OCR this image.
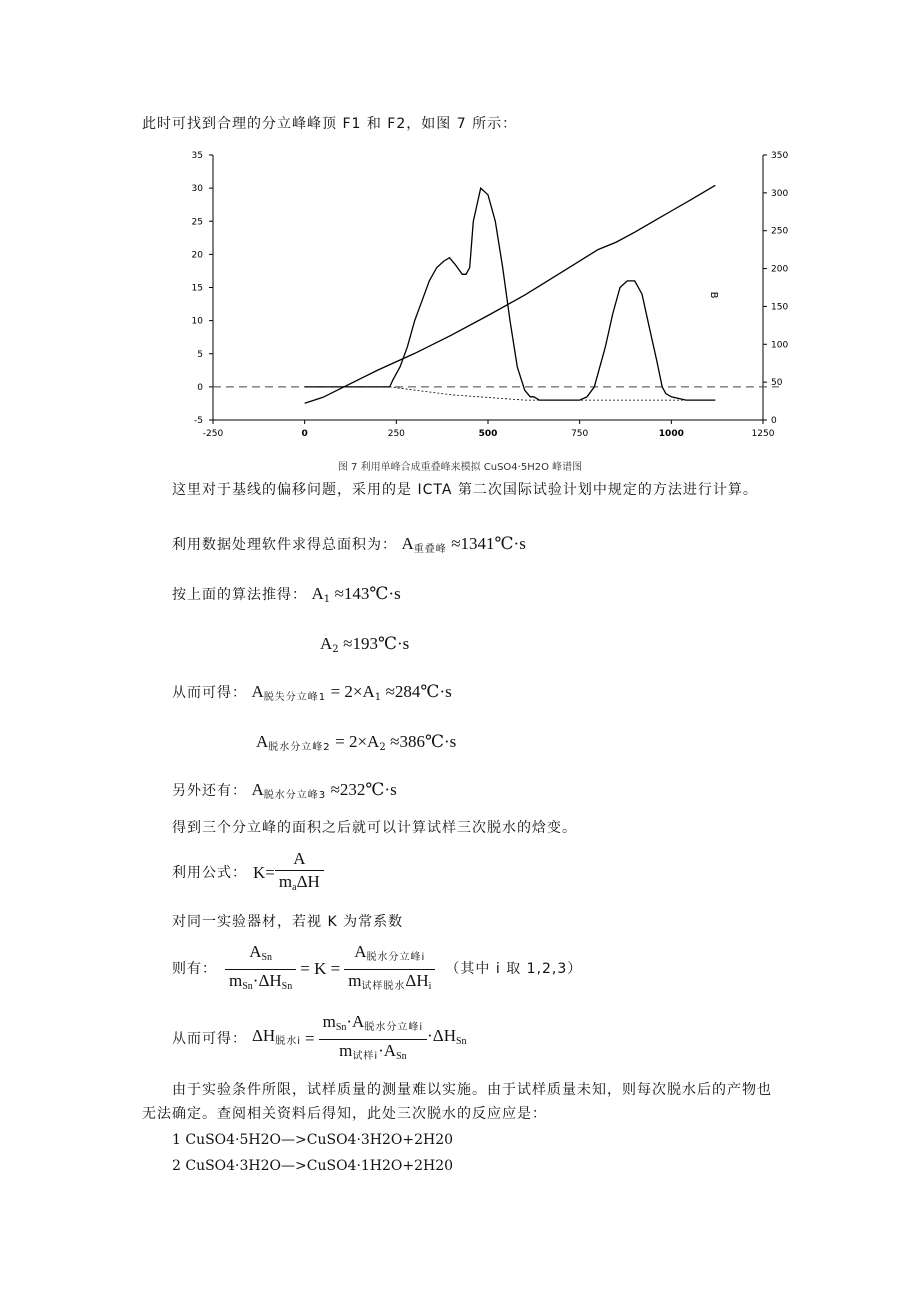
此时可找到合理的分立峰峰顶 F1 和 F2，如图 7 所示：
-250	0	250	500	750	1000	1250
-5
0
5
10
15
20
25
30
35
0
50
100
150
200
250
300
350
B
图 7 利用单峰合成重叠峰来模拟 CuSO4·5H2O 峰谱图
这里对于基线的偏移问题，采用的是 ICTA 第二次国际试验计划中规定的方法进行计算。
利用数据处理软件求得总面积为： $A_{重叠峰}$ ≈1341℃·s
按上面的算法推得： $A_1$ ≈143℃·s
$A_2$ ≈193℃·s
从而可得： $A_{脱失分立峰1} = 2\times A_1$ ≈284℃·s
$A_{脱水分立峰2} = 2\times A_2$ ≈386℃·s
另外还有： $A_{脱水分立峰3}$ ≈232℃·s
得到三个分立峰的面积之后就可以计算试样三次脱水的焓变。
利用公式： $K= \frac{A}{m_a\Delta H}$
对同一实验器材，若视 K 为常系数
则有： $\frac{A_{Sn}}{m_{Sn}\cdot\Delta H_{Sn}} = K = \frac{A_{脱水分立峰i}}{m_{试样脱水}\Delta H_i}$ （其中 i 取 1,2,3）
从而可得： $\Delta H_{脱水i} = \frac{m_{Sn}\cdot A_{脱水分立峰i}}{m_{试样i}\cdot A_{Sn}} \cdot\Delta H_{Sn}$
由于实验条件所限，试样质量的测量难以实施。由于试样质量未知，则每次脱水后的产物也无法确定。查阅相关资料后得知，此处三次脱水的反应应是：
1 CuSO4·5H2O—>CuSO4·3H2O+2H20
2 CuSO4·3H2O—>CuSO4·1H2O+2H20
